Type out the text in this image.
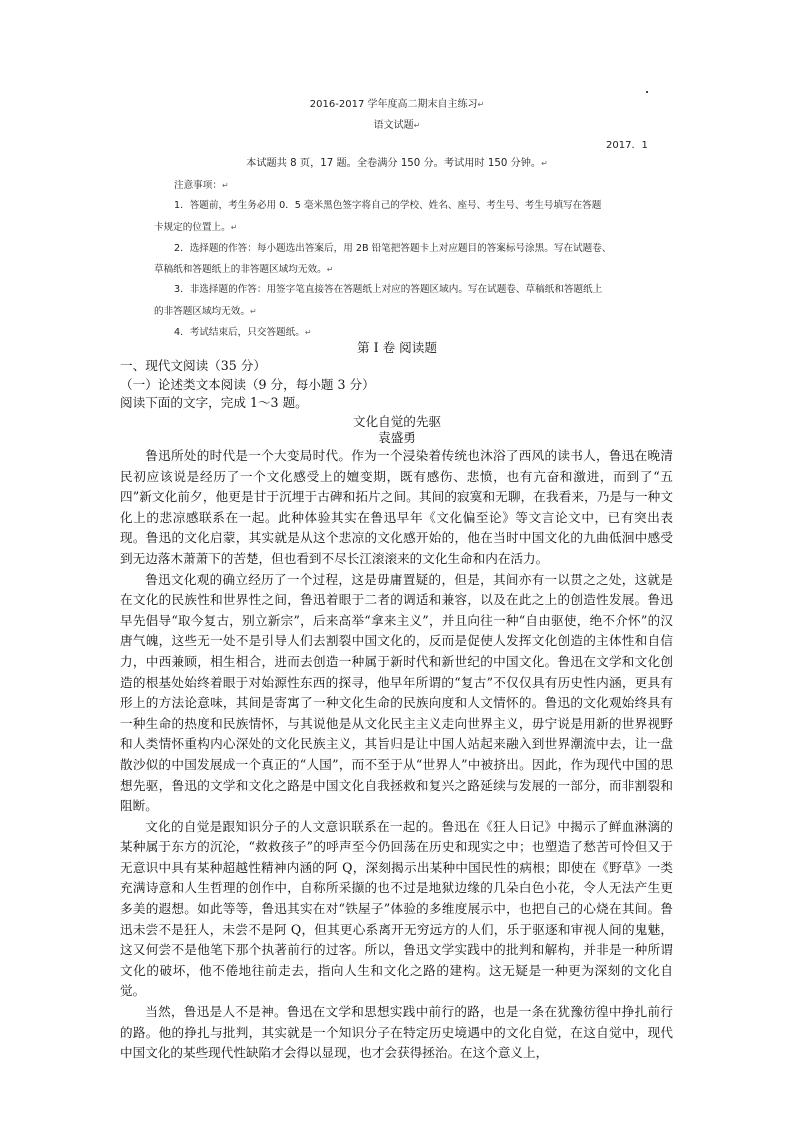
2016-2017 学年度高二期末自主练习↵
语文试题↵
2017．1
本试题共 8 页，17 题。全卷满分 150 分。考试用时 150 分钟。↵
注意事项：↵
1．答题前，考生务必用 0．5 毫米黑色签字将自己的学校、姓名、座号、考生号、考生号填写在答题
卡规定的位置上。↵
2．选择题的作答：每小题选出答案后，用 2B 铅笔把答题卡上对应题目的答案标号涂黑。写在试题卷、
草稿纸和答题纸上的非答题区域均无效。↵
3．非选择题的作答：用签字笔直接答在答题纸上对应的答题区域内。写在试题卷、草稿纸和答题纸上
的非答题区域均无效。↵
4．考试结束后，只交答题纸。↵
第 I 卷 阅读题
一、现代文阅读（35 分）
（一）论述类文本阅读（9 分，每小题 3 分）
阅读下面的文字，完成 1～3 题。
文化自觉的先驱
袁盛勇

鲁迅所处的时代是一个大变局时代。作为一个浸染着传统也沐浴了西风的读书人，鲁迅在晚清民初应该说是经历了一个文化感受上的嬗变期，既有感伤、悲愤，也有亢奋和激进，而到了“五四”新文化前夕，他更是甘于沉埋于古碑和拓片之间。其间的寂寞和无聊，在我看来，乃是与一种文化上的悲凉感联系在一起。此种体验其实在鲁迅早年《文化偏至论》等文言论文中，已有突出表现。鲁迅的文化启蒙，其实就是从这个悲凉的文化感开始的，他在当时中国文化的九曲低洄中感受到无边落木萧萧下的苦楚，但也看到不尽长江滚滚来的文化生命和内在活力。

鲁迅文化观的确立经历了一个过程，这是毋庸置疑的，但是，其间亦有一以贯之之处，这就是在文化的民族性和世界性之间，鲁迅着眼于二者的调适和兼容，以及在此之上的创造性发展。鲁迅早先倡导“取今复古，别立新宗”，后来高举“拿来主义”，并且向往一种“自由驱使，绝不介怀”的汉唐气魄，这些无一处不是引导人们去割裂中国文化的，反而是促使人发挥文化创造的主体性和自信力，中西兼顾，相生相合，进而去创造一种属于新时代和新世纪的中国文化。鲁迅在文学和文化创造的根基处始终着眼于对始源性东西的探寻，他早年所谓的“复古”不仅仅具有历史性内涵，更具有形上的方法论意味，其间是寄寓了一种文化生命的民族向度和人文情怀的。鲁迅的文化观始终具有一种生命的热度和民族情怀，与其说他是从文化民主主义走向世界主义，毋宁说是用新的世界视野和人类情怀重构内心深处的文化民族主义，其旨归是让中国人站起来融入到世界潮流中去，让一盘散沙似的中国发展成一个真正的“人国”，而不至于从“世界人”中被挤出。因此，作为现代中国的思想先驱，鲁迅的文学和文化之路是中国文化自我拯救和复兴之路延续与发展的一部分，而非割裂和阻断。

文化的自觉是跟知识分子的人文意识联系在一起的。鲁迅在《狂人日记》中揭示了鲜血淋漓的某种属于东方的沉沦，“救救孩子”的呼声至今仍回荡在历史和现实之中；也塑造了愁苦可怜但又于无意识中具有某种超越性精神内涵的阿 Q，深刻揭示出某种中国民性的病根；即使在《野草》一类充满诗意和人生哲理的创作中，自称所采撷的也不过是地狱边缘的几朵白色小花，令人无法产生更多美的遐想。如此等等，鲁迅其实在对“铁屋子”体验的多维度展示中，也把自己的心烧在其间。鲁迅未尝不是狂人，未尝不是阿 Q，但其更心系离开无穷远方的人们，乐于驱逐和审视人间的鬼魅，这又何尝不是他笔下那个执著前行的过客。所以，鲁迅文学实践中的批判和解构，并非是一种所谓文化的破坏，他不倦地往前走去，指向人生和文化之路的建构。这无疑是一种更为深刻的文化自觉。

当然，鲁迅是人不是神。鲁迅在文学和思想实践中前行的路，也是一条在犹豫彷徨中挣扎前行的路。他的挣扎与批判，其实就是一个知识分子在特定历史境遇中的文化自觉，在这自觉中，现代中国文化的某些现代性缺陷才会得以显现，也才会获得拯治。在这个意义上，
